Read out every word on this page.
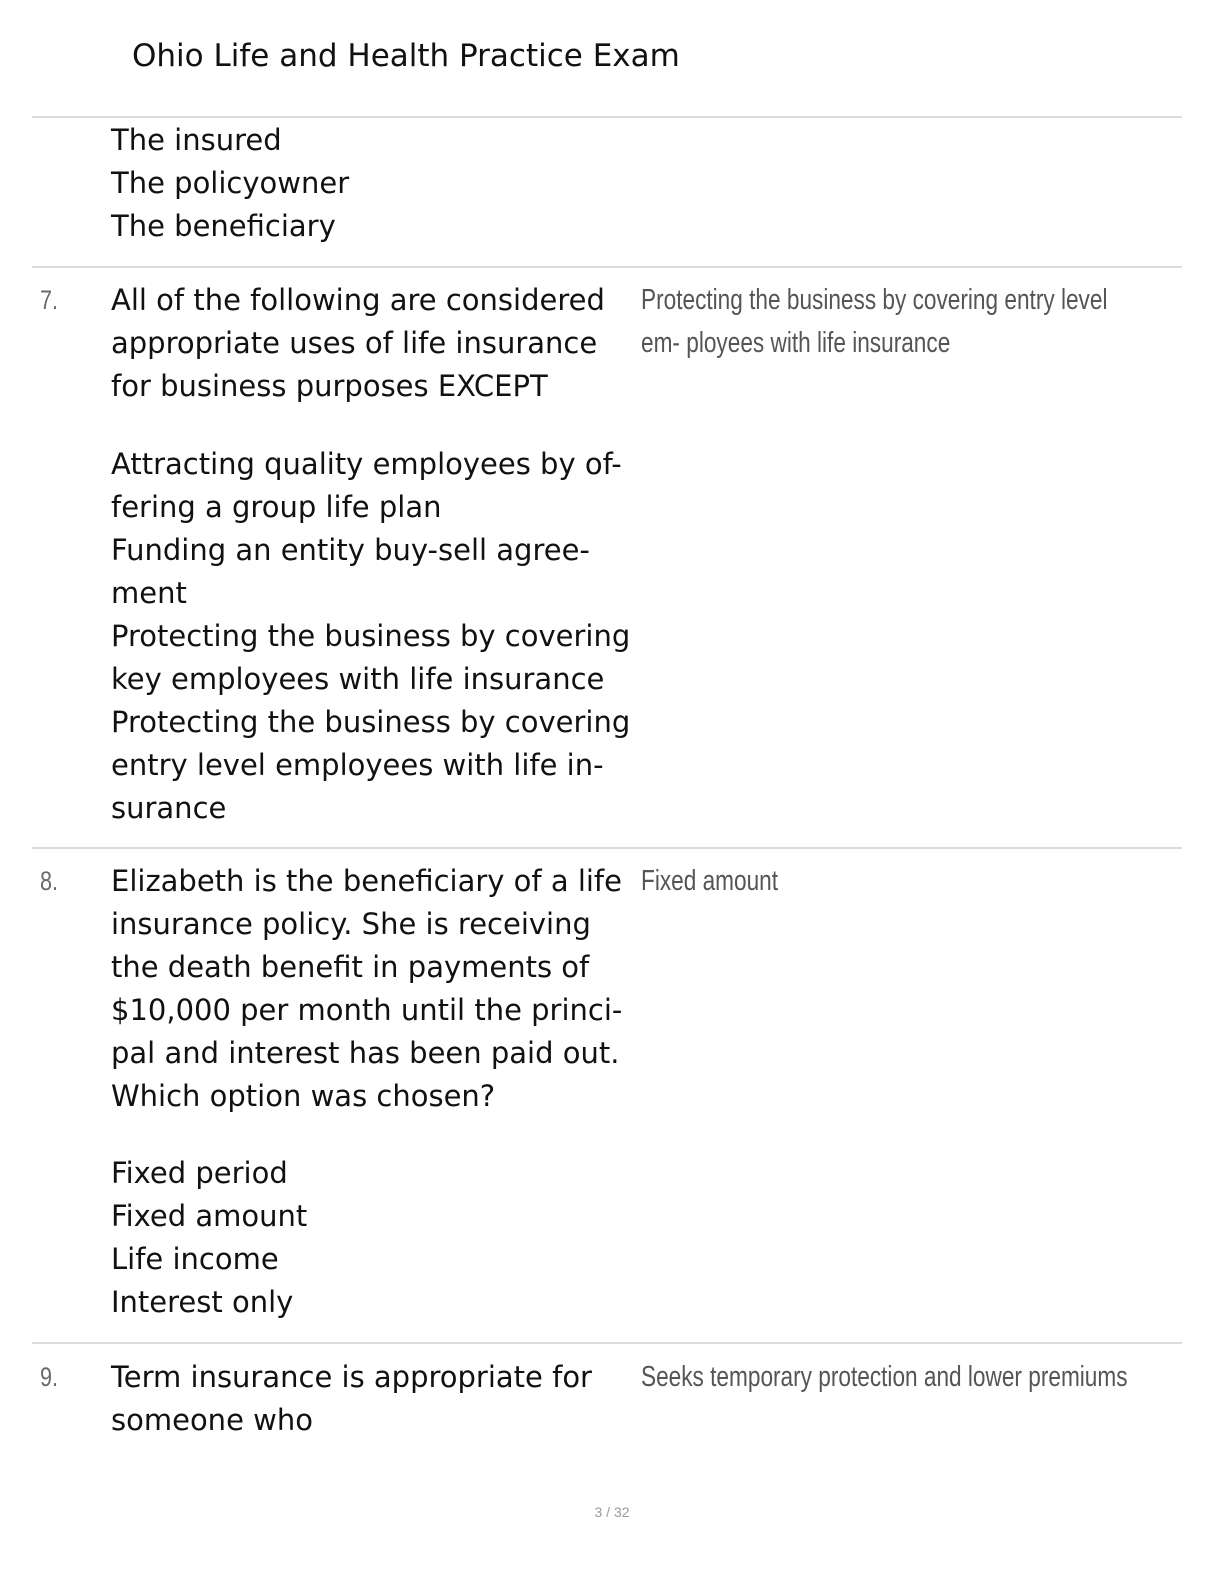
Ohio Life and Health Practice Exam
The insured
The policyowner
The beneficiary
7. All of the following are considered appropriate uses of life insurance for business purposes EXCEPT
Protecting the business by covering entry level em- ployees with life insurance
Attracting quality employees by of- fering a group life plan
Funding an entity buy-sell agree- ment
Protecting the business by covering key employees with life insurance
Protecting the business by covering entry level employees with life in- surance
8. Elizabeth is the beneficiary of a life insurance policy. She is receiving the death benefit in payments of $10,000 per month until the princi- pal and interest has been paid out. Which option was chosen?
Fixed amount
Fixed period
Fixed amount
Life income
Interest only
9. Term insurance is appropriate for someone who
Seeks temporary protection and lower premiums
3 / 32
